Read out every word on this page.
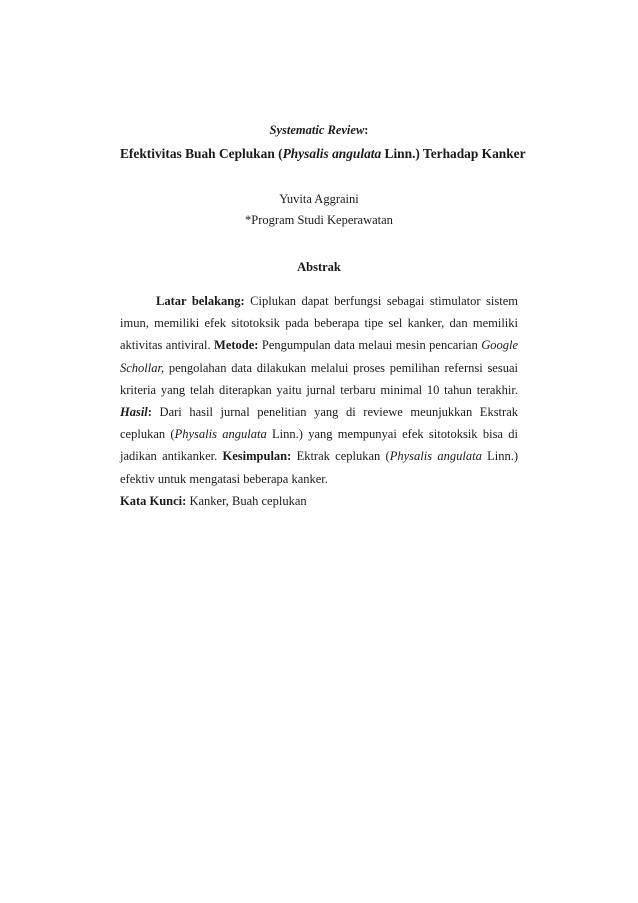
Systematic Review:
Efektivitas Buah Ceplukan (Physalis angulata Linn.) Terhadap Kanker
Yuvita Aggraini
*Program Studi Keperawatan
Abstrak

Latar belakang: Ciplukan dapat berfungsi sebagai stimulator sistem imun, memiliki efek sitotoksik pada beberapa tipe sel kanker, dan memiliki aktivitas antiviral. Metode: Pengumpulan data melaui mesin pencarian Google Schollar, pengolahan data dilakukan melalui proses pemilihan refernsi sesuai kriteria yang telah diterapkan yaitu jurnal terbaru minimal 10 tahun terakhir. Hasil: Dari hasil jurnal penelitian yang di reviewe meunjukkan Ekstrak ceplukan (Physalis angulata Linn.) yang mempunyai efek sitotoksik bisa di jadikan antikanker. Kesimpulan: Ektrak ceplukan (Physalis angulata Linn.) efektiv untuk mengatasi beberapa kanker.

Kata Kunci: Kanker, Buah ceplukan
